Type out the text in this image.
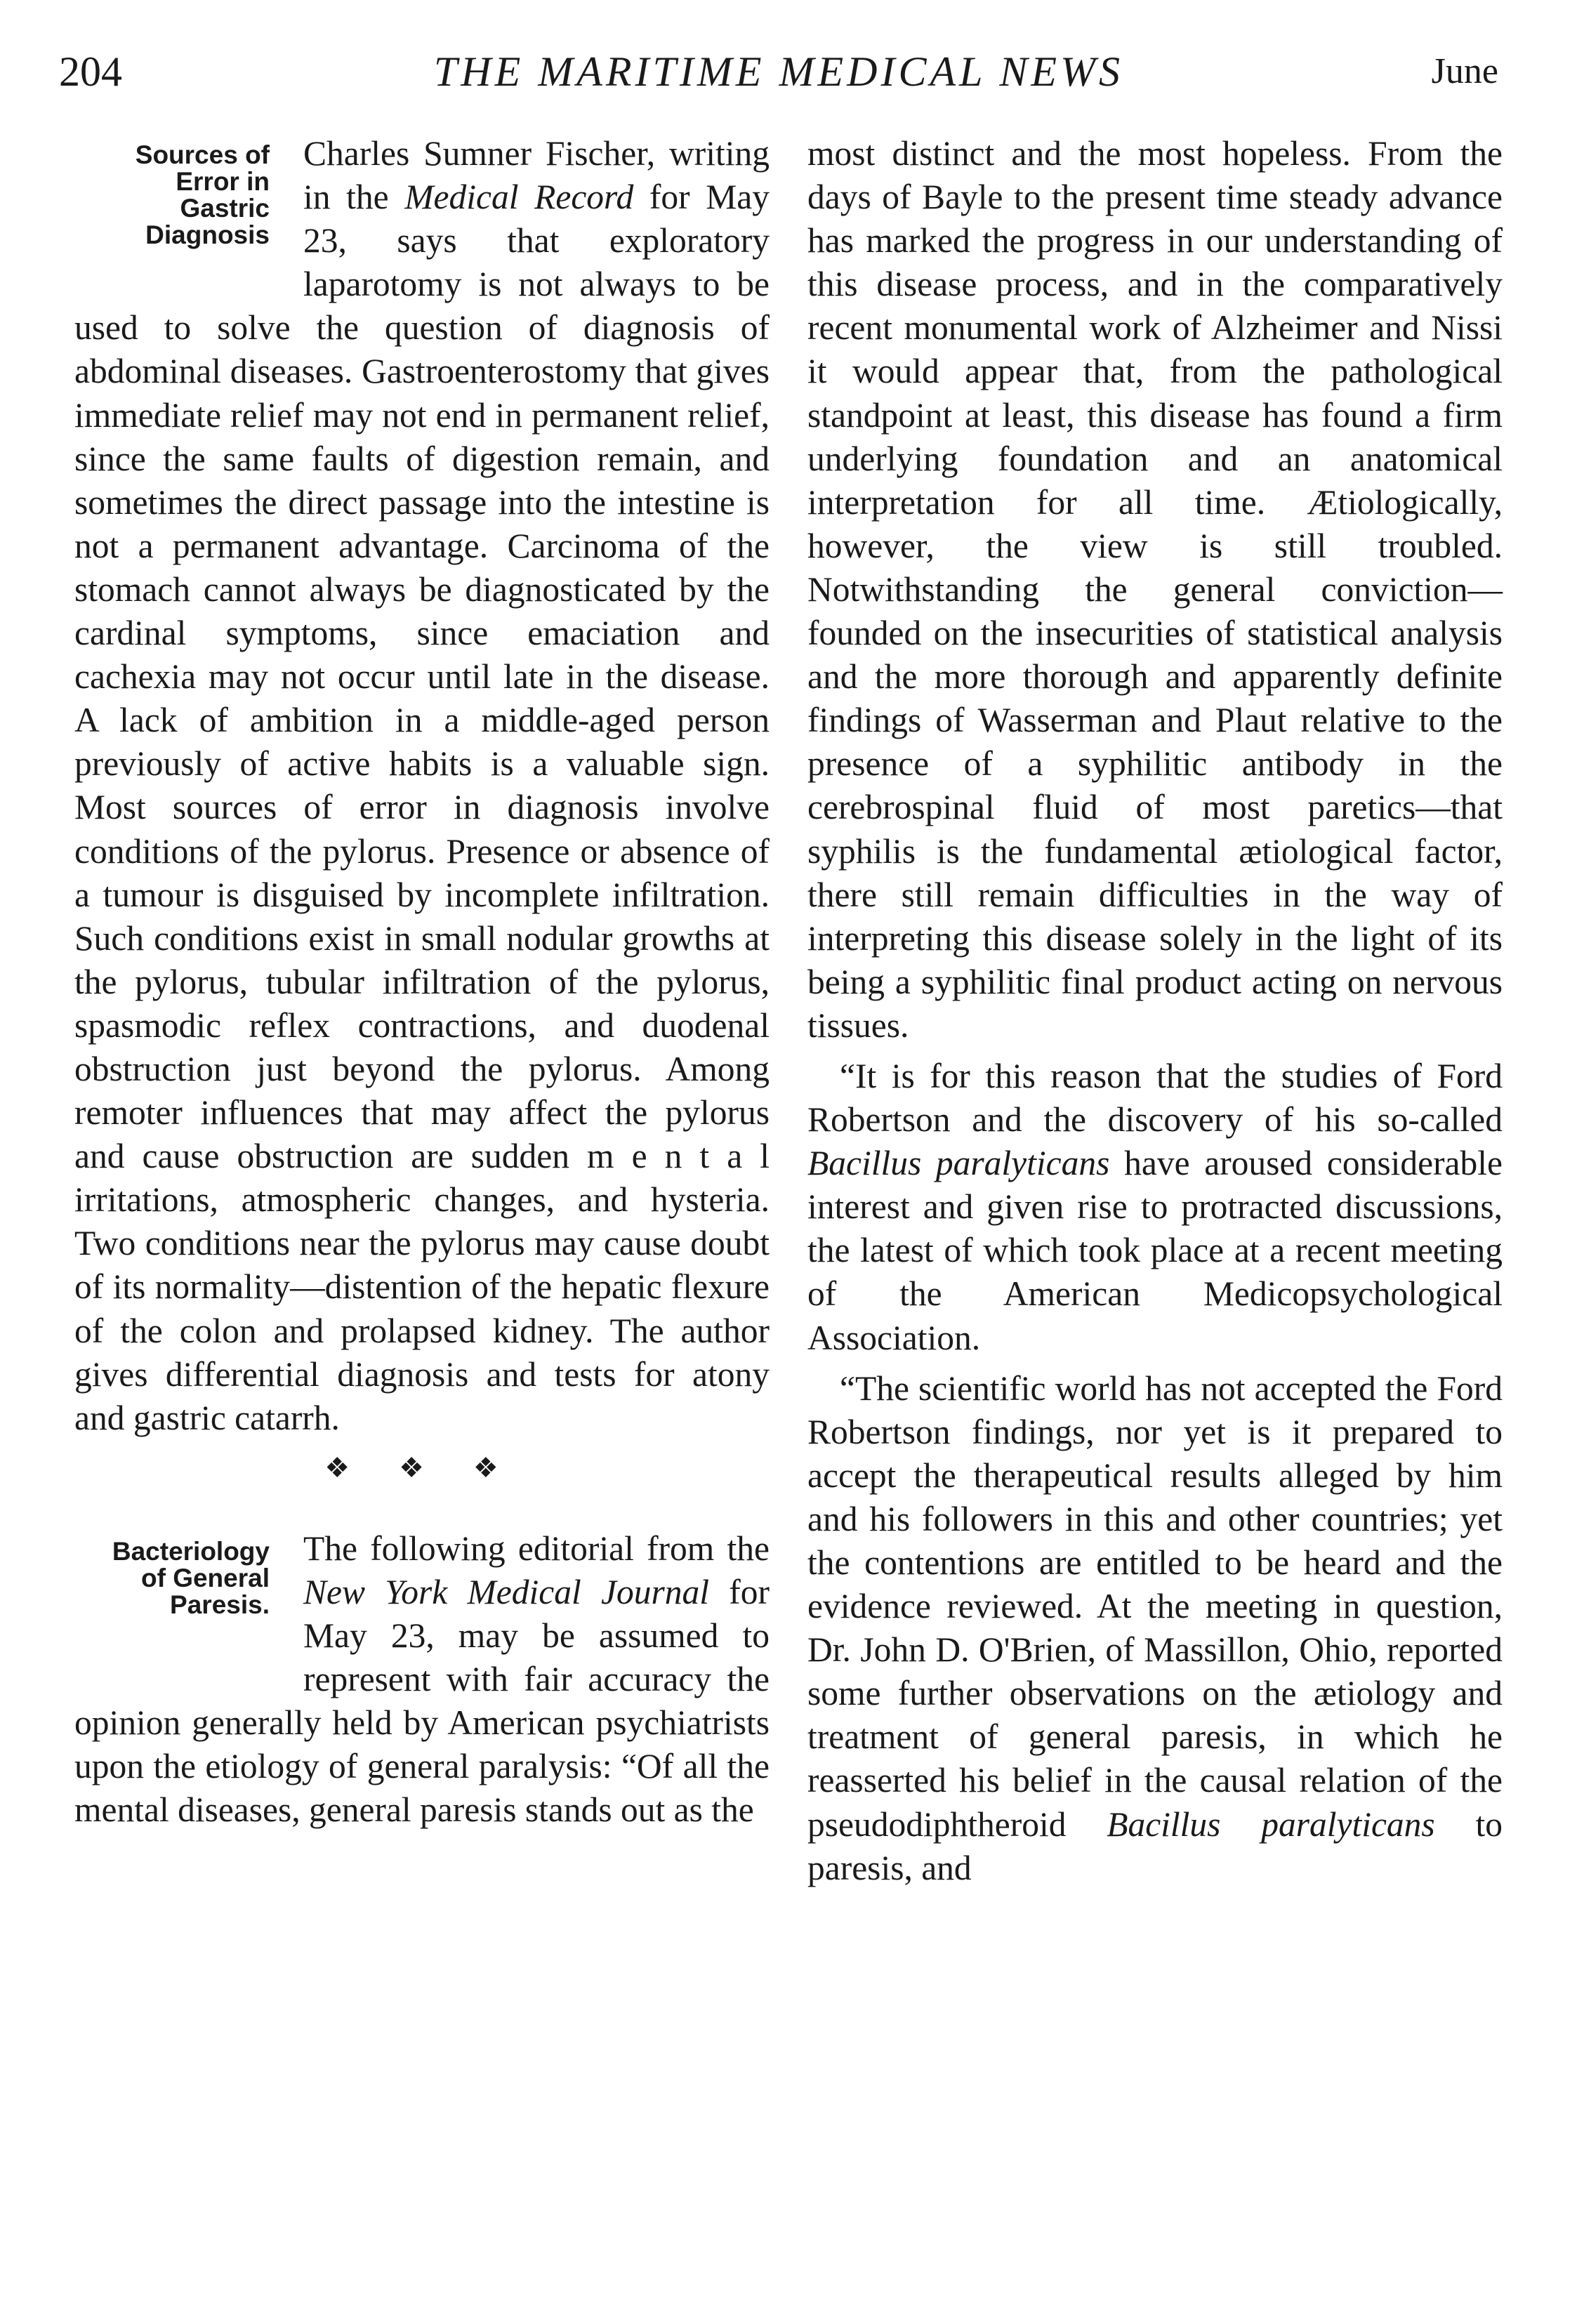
204	THE MARITIME MEDICAL NEWS	June
Sources of
Error in
Gastric
Diagnosis
Charles Sumner Fischer, writing in the Medical Record for May 23, says that exploratory laparotomy is not always to be used to solve the question of diagnosis of abdominal diseases. Gastroenterostomy that gives immediate relief may not end in permanent relief, since the same faults of digestion remain, and sometimes the direct passage into the intestine is not a permanent advantage. Carcinoma of the stomach cannot always be diagnosticated by the cardinal symptoms, since emaciation and cachexia may not occur until late in the disease. A lack of ambition in a middle-aged person previously of active habits is a valuable sign. Most sources of error in diagnosis involve conditions of the pylorus. Presence or absence of a tumour is disguised by incomplete infiltration. Such conditions exist in small nodular growths at the pylorus, tubular infiltration of the pylorus, spasmodic reflex contractions, and duodenal obstruction just beyond the pylorus. Among remoter influences that may affect the pylorus and cause obstruction are sudden m e n t a l irritations, atmospheric changes, and hysteria. Two conditions near the pylorus may cause doubt of its normality—distention of the hepatic flexure of the colon and prolapsed kidney. The author gives differential diagnosis and tests for atony and gastric catarrh.
❖ ❖ ❖
Bacteriology
of General
Paresis.
The following editorial from the New York Medical Journal for May 23, may be assumed to represent with fair accuracy the opinion generally held by American psychiatrists upon the etiology of general paralysis: “Of all the mental diseases, general paresis stands out as the
most distinct and the most hopeless. From the days of Bayle to the present time steady advance has marked the progress in our understanding of this disease process, and in the comparatively recent monumental work of Alzheimer and Nissi it would appear that, from the pathological standpoint at least, this disease has found a firm underlying foundation and an anatomical interpretation for all time. Ætiologically, however, the view is still troubled. Notwithstanding the general conviction—founded on the insecurities of statistical analysis and the more thorough and apparently definite findings of Wasserman and Plaut relative to the presence of a syphilitic antibody in the cerebrospinal fluid of most paretics—that syphilis is the fundamental ætiological factor, there still remain difficulties in the way of interpreting this disease solely in the light of its being a syphilitic final product acting on nervous tissues.
“It is for this reason that the studies of Ford Robertson and the discovery of his so-called Bacillus paralyticans have aroused considerable interest and given rise to protracted discussions, the latest of which took place at a recent meeting of the American Medicopsychological Association.
“The scientific world has not accepted the Ford Robertson findings, nor yet is it prepared to accept the therapeutical results alleged by him and his followers in this and other countries; yet the contentions are entitled to be heard and the evidence reviewed. At the meeting in question, Dr. John D. O'Brien, of Massillon, Ohio, reported some further observations on the ætiology and treatment of general paresis, in which he reasserted his belief in the causal relation of the pseudodiphtheroid Bacillus paralyticans to paresis, and
